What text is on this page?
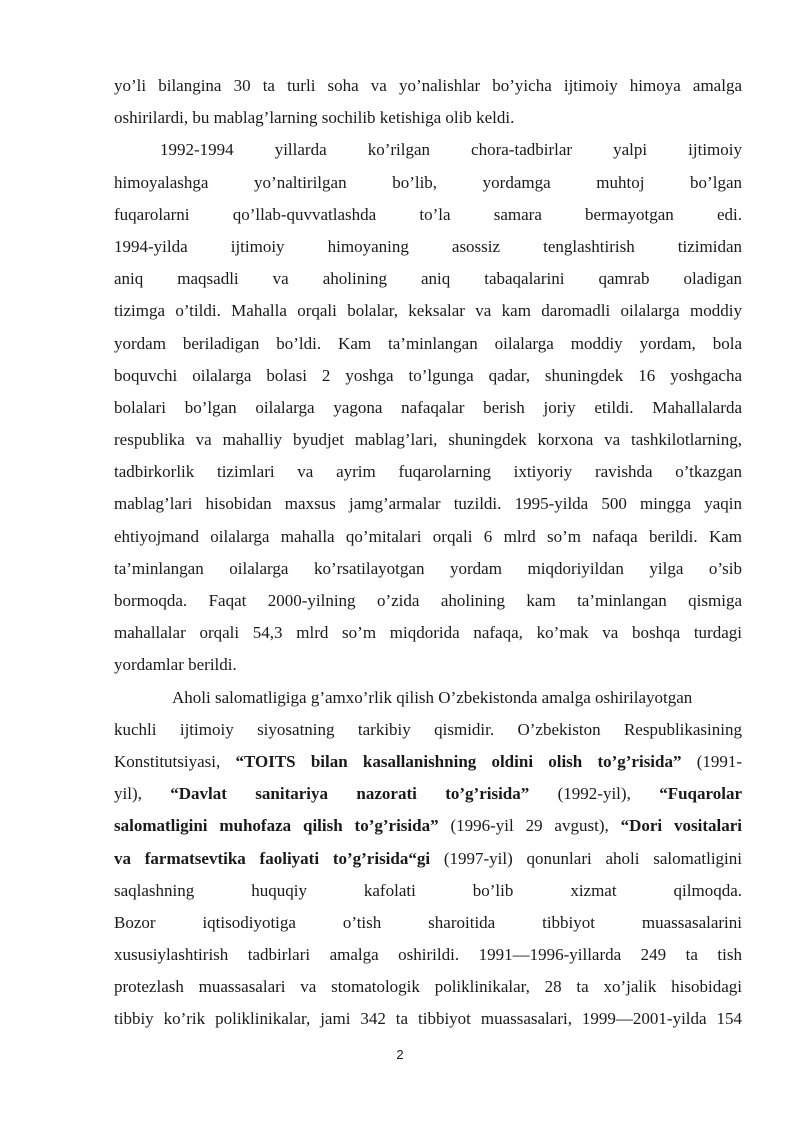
yo’li bilangina 30 ta turli soha va yo’nalishlar bo’yicha ijtimoiy himoya amalga
oshirilardi, bu mablag’larning sochilib ketishiga olib keldi.
1992-1994 yillarda ko’rilgan chora-tadbirlar yalpi ijtimoiy
himoyalashga yo’naltirilgan bo’lib, yordamga muhtoj bo’lgan
fuqarolarni qo’llab-quvvatlashda to’la samara bermayotgan edi.
1994-yilda ijtimoiy himoyaning asossiz tenglashtirish tizimidan
aniq maqsadli va aholining aniq tabaqalarini qamrab oladigan
tizimga o’tildi. Mahalla orqali bolalar, keksalar va kam daromadli oilalarga moddiy
yordam beriladigan bo’ldi. Kam ta’minlangan oilalarga moddiy yordam, bola
boquvchi oilalarga bolasi 2 yoshga to’lgunga qadar, shuningdek 16 yoshgacha
bolalari bo’lgan oilalarga yagona nafaqalar berish joriy etildi. Mahallalarda
respublika va mahalliy byudjet mablag’lari, shuningdek korxona va tashkilotlarning,
tadbirkorlik tizimlari va ayrim fuqarolarning ixtiyoriy ravishda o’tkazgan
mablag’lari hisobidan maxsus jamg’armalar tuzildi. 1995-yilda 500 mingga yaqin
ehtiyojmand oilalarga mahalla qo’mitalari orqali 6 mlrd so’m nafaqa berildi. Kam
ta’minlangan oilalarga ko’rsatilayotgan yordam miqdoriyildan yilga o’sib
bormoqda. Faqat 2000-yilning o’zida aholining kam ta’minlangan qismiga
mahallalar orqali 54,3 mlrd so’m miqdorida nafaqa, ko’mak va boshqa turdagi
yordamlar berildi.
Aholi salomatligiga g’amxo’rlik qilish O’zbekistonda amalga oshirilayotgan
kuchli ijtimoiy siyosatning tarkibiy qismidir. O’zbekiston Respublikasining
Konstitutsiyasi, “TOITS bilan kasallanishning oldini olish to’g’risida” (1991-
yil), “Davlat sanitariya nazorati to’g’risida” (1992-yil), “Fuqarolar
salomatligini muhofaza qilish to’g’risida” (1996-yil 29 avgust), “Dori vositalari
va farmatsevtika faoliyati to’g’risida“gi (1997-yil) qonunlari aholi salomatligini
saqlashning huquqiy kafolati bo’lib xizmat qilmoqda.
Bozor iqtisodiyotiga o’tish sharoitida tibbiyot muassasalarini
xususiylashtirish tadbirlari amalga oshirildi. 1991—1996-yillarda 249 ta tish
protezlash muassasalari va stomatologik poliklinikalar, 28 ta xo’jalik hisobidagi
tibbiy ko’rik poliklinikalar, jami 342 ta tibbiyot muassasalari, 1999—2001-yilda 154
2
